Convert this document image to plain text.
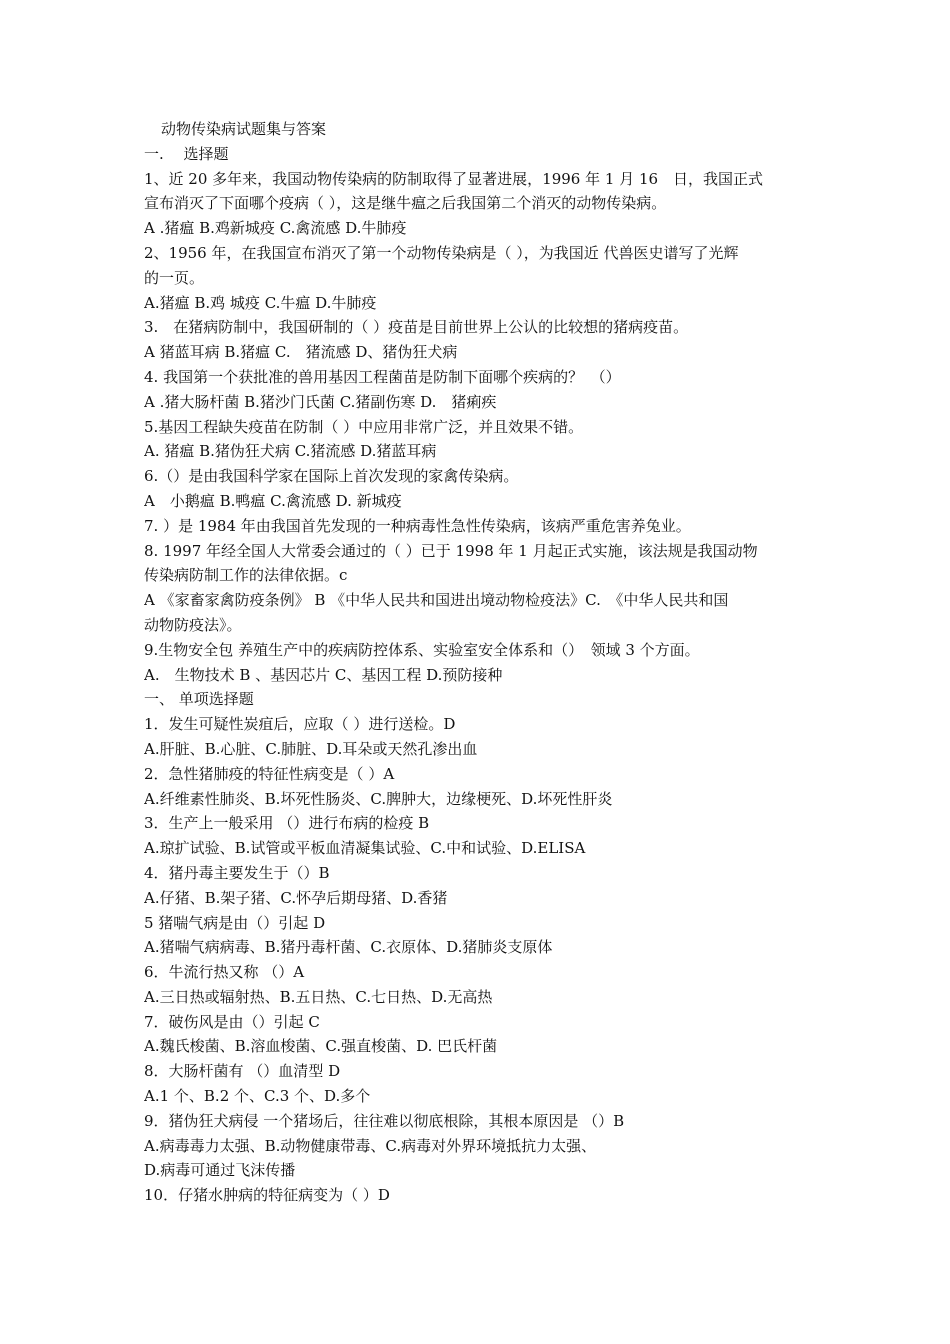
动物传染病试题集与答案
一.　 选择题
1、近 20 多年来，我国动物传染病的防制取得了显著进展，1996 年 1 月 16　日，我国正式
宣布消灭了下面哪个疫病（ ），这是继牛瘟之后我国第二个消灭的动物传染病。
A .猪瘟 B.鸡新城疫 C.禽流感 D.牛肺疫
2、1956 年，在我国宣布消灭了第一个动物传染病是（ ），为我国近 代兽医史谱写了光辉
的一页。
A.猪瘟 B.鸡 城疫 C.牛瘟 D.牛肺疫
3.　在猪病防制中，我国研制的（ ）疫苗是目前世界上公认的比较想的猪病疫苗。
A 猪蓝耳病 B.猪瘟 C.　猪流感 D、猪伪狂犬病
4. 我国第一个获批准的兽用基因工程菌苗是防制下面哪个疾病的？　（）
A .猪大肠杆菌 B.猪沙门氏菌 C.猪副伤寒 D.　猪痢疾
5.基因工程缺失疫苗在防制（ ）中应用非常广泛，并且效果不错。
A. 猪瘟 B.猪伪狂犬病 C.猪流感 D.猪蓝耳病
6.（）是由我国科学家在国际上首次发现的家禽传染病。
A　小鹅瘟 B.鸭瘟 C.禽流感 D. 新城疫
7. ）是 1984 年由我国首先发现的一种病毒性急性传染病，该病严重危害养兔业。
8. 1997 年经全国人大常委会通过的（ ）已于 1998 年 1 月起正式实施，该法规是我国动物
传染病防制工作的法律依据。c
A 《家畜家禽防疫条例》 B 《中华人民共和国进出境动物检疫法》C.　《中华人民共和国
动物防疫法》。
9.生物安全包 养殖生产中的疾病防控体系、实验室安全体系和（）　领域 3 个方面。
A.　生物技术 B 、基因芯片 C、基因工程 D.预防接种
一、 单项选择题
1．发生可疑性炭疽后，应取（ ）进行送检。D
A.肝脏、B.心脏、C.肺脏、D.耳朵或天然孔渗出血
2．急性猪肺疫的特征性病变是（ ）A
A.纤维素性肺炎、B.坏死性肠炎、C.脾肿大，边缘梗死、D.坏死性肝炎
3．生产上一般采用 （）进行布病的检疫 B
A.琼扩试验、B.试管或平板血清凝集试验、C.中和试验、D.ELISA
4．猪丹毒主要发生于（）B
A.仔猪、B.架子猪、C.怀孕后期母猪、D.香猪
5 猪喘气病是由（）引起 D
A.猪喘气病病毒、B.猪丹毒杆菌、C.衣原体、D.猪肺炎支原体
6．牛流行热又称 （）A
A.三日热或辐射热、B.五日热、C.七日热、D.无高热
7．破伤风是由（）引起 C
A.魏氏梭菌、B.溶血梭菌、C.强直梭菌、D. 巴氏杆菌
8．大肠杆菌有 （）血清型 D
A.1 个、B.2 个、C.3 个、D.多个
9．猪伪狂犬病侵 一个猪场后，往往难以彻底根除，其根本原因是 （）B
A.病毒毒力太强、B.动物健康带毒、C.病毒对外界环境抵抗力太强、
D.病毒可通过飞沫传播
10．仔猪水肿病的特征病变为（ ）D
